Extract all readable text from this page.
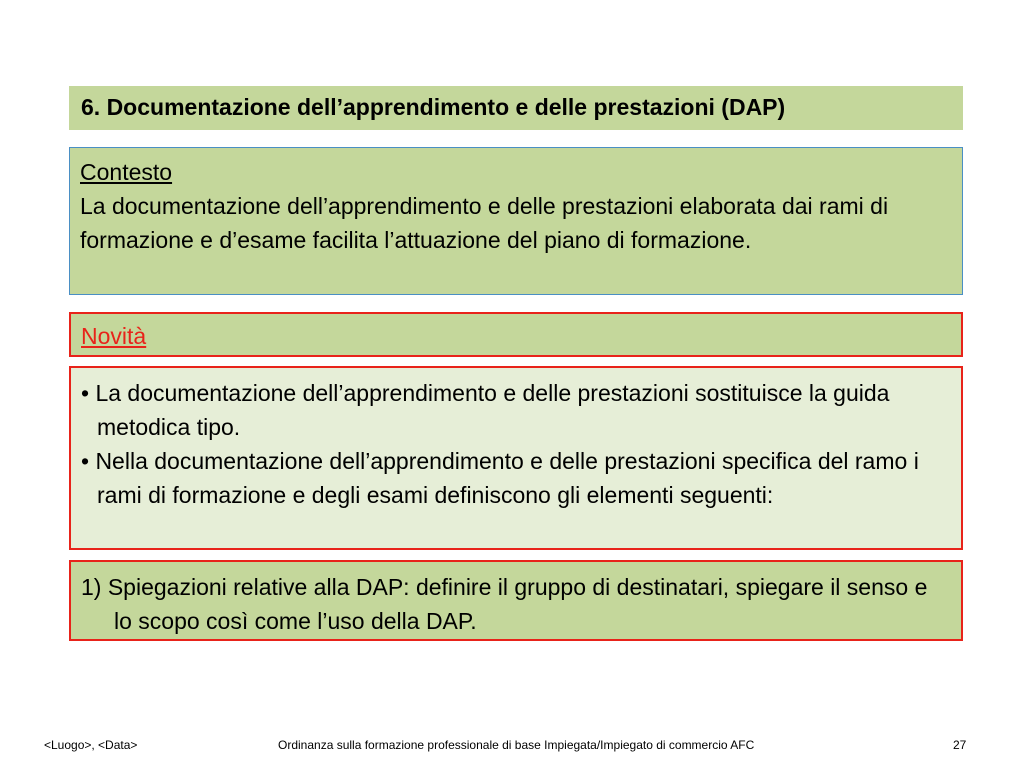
6. Documentazione dell’apprendimento e delle prestazioni (DAP)
Contesto
La documentazione dell’apprendimento e delle prestazioni elaborata dai rami di formazione e d’esame facilita l’attuazione del piano di formazione.
Novità
• La documentazione dell’apprendimento e delle prestazioni sostituisce la guida metodica tipo.
• Nella documentazione dell’apprendimento e delle prestazioni specifica del ramo i rami di formazione e degli esami definiscono gli elementi seguenti:
1) Spiegazioni relative alla DAP: definire il gruppo di destinatari, spiegare il senso e lo scopo così come l’uso della DAP.
<Luogo>, <Data>	Ordinanza sulla formazione professionale di base Impiegata/Impiegato di commercio AFC	27
